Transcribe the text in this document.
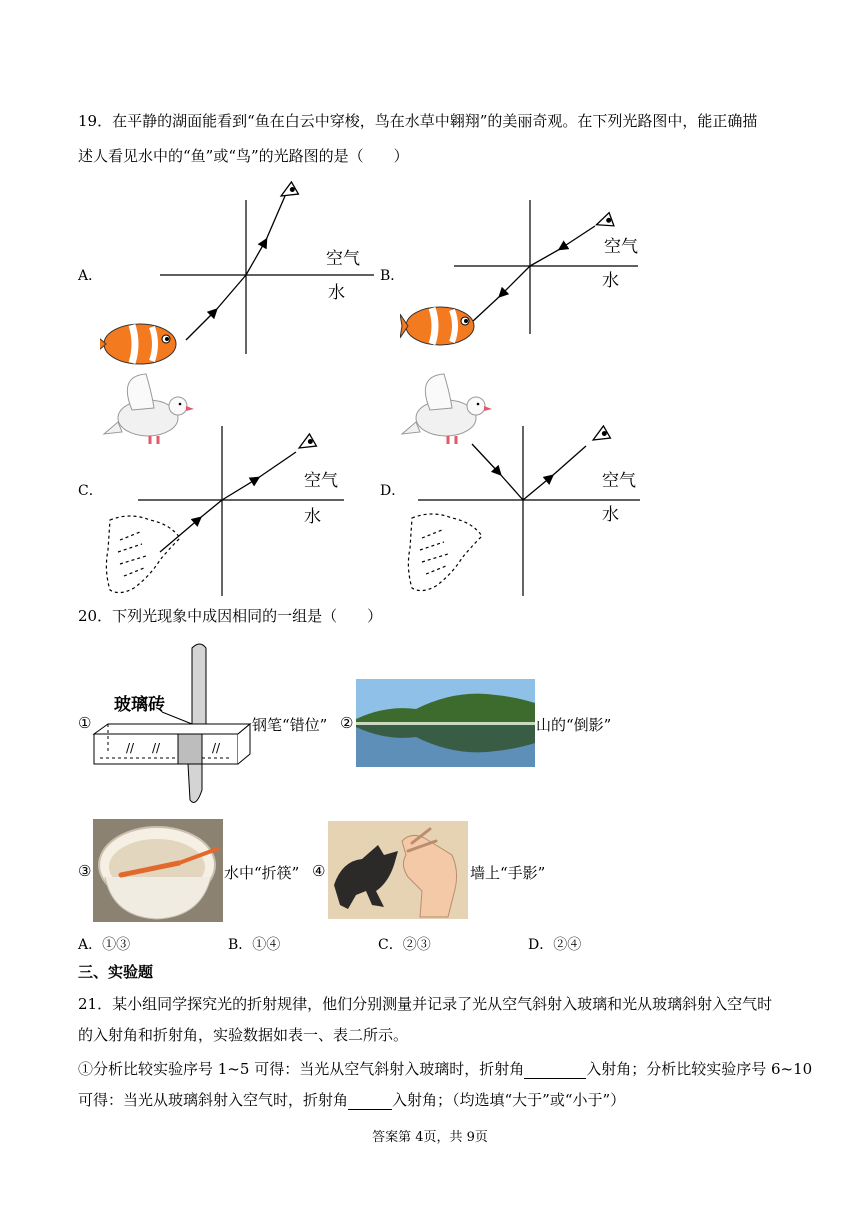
19．在平静的湖面能看到“鱼在白云中穿梭，鸟在水草中翱翔”的美丽奇观。在下列光路图中，能正确描
述人看见水中的“鱼”或“鸟”的光路图的是（　　）
A．
空气
水
B．
空气
水
C．	空气
水
D．	空气
水
20．下列光现象中成因相同的一组是（　　）
①
玻璃砖
// //	//
钢笔“错位” ②	山的“倒影”
③	水中“折筷” ④	墙上“手影”
A．①③	B．①④	C．②③	D．②④
三、实验题
21．某小组同学探究光的折射规律，他们分别测量并记录了光从空气斜射入玻璃和光从玻璃斜射入空气时
的入射角和折射角，实验数据如表一、表二所示。
①分析比较实验序号 1~5 可得：当光从空气斜射入玻璃时，折射角	入射角；分析比较实验序号 6~10
可得：当光从玻璃斜射入空气时，折射角	入射角；（均选填“大于”或“小于”）
答案第 4页，共 9页
